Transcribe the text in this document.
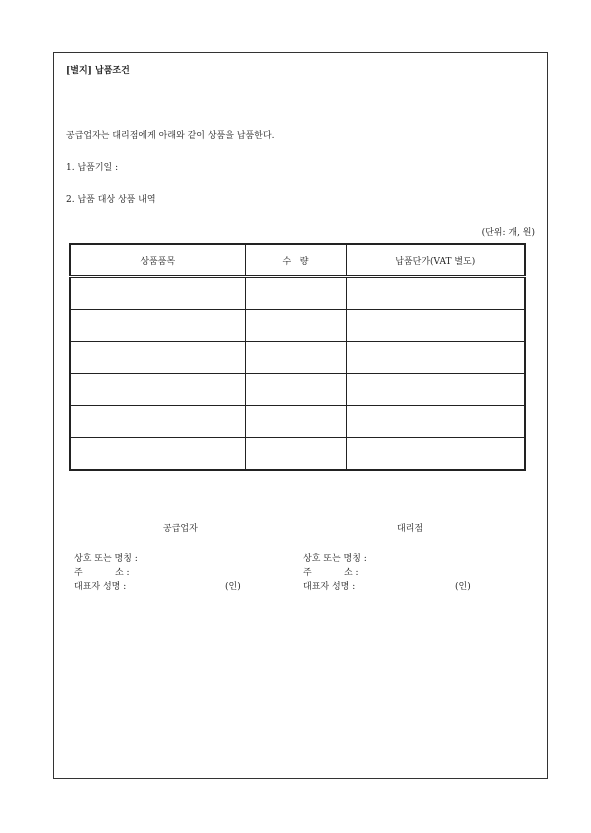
[별지] 납품조건
공급업자는 대리점에게 아래와 같이 상품을 납품한다.
1. 납품기일 :
2. 납품 대상 상품 내역
(단위: 개, 원)
상품품목	수   량	납품단가(VAT 별도)

공급업자
상호 또는 명칭 :
주	소 :
대표자 성명 :	(인)
대리점
상호 또는 명칭 :
주	소 :
대표자 성명 :	(인)
